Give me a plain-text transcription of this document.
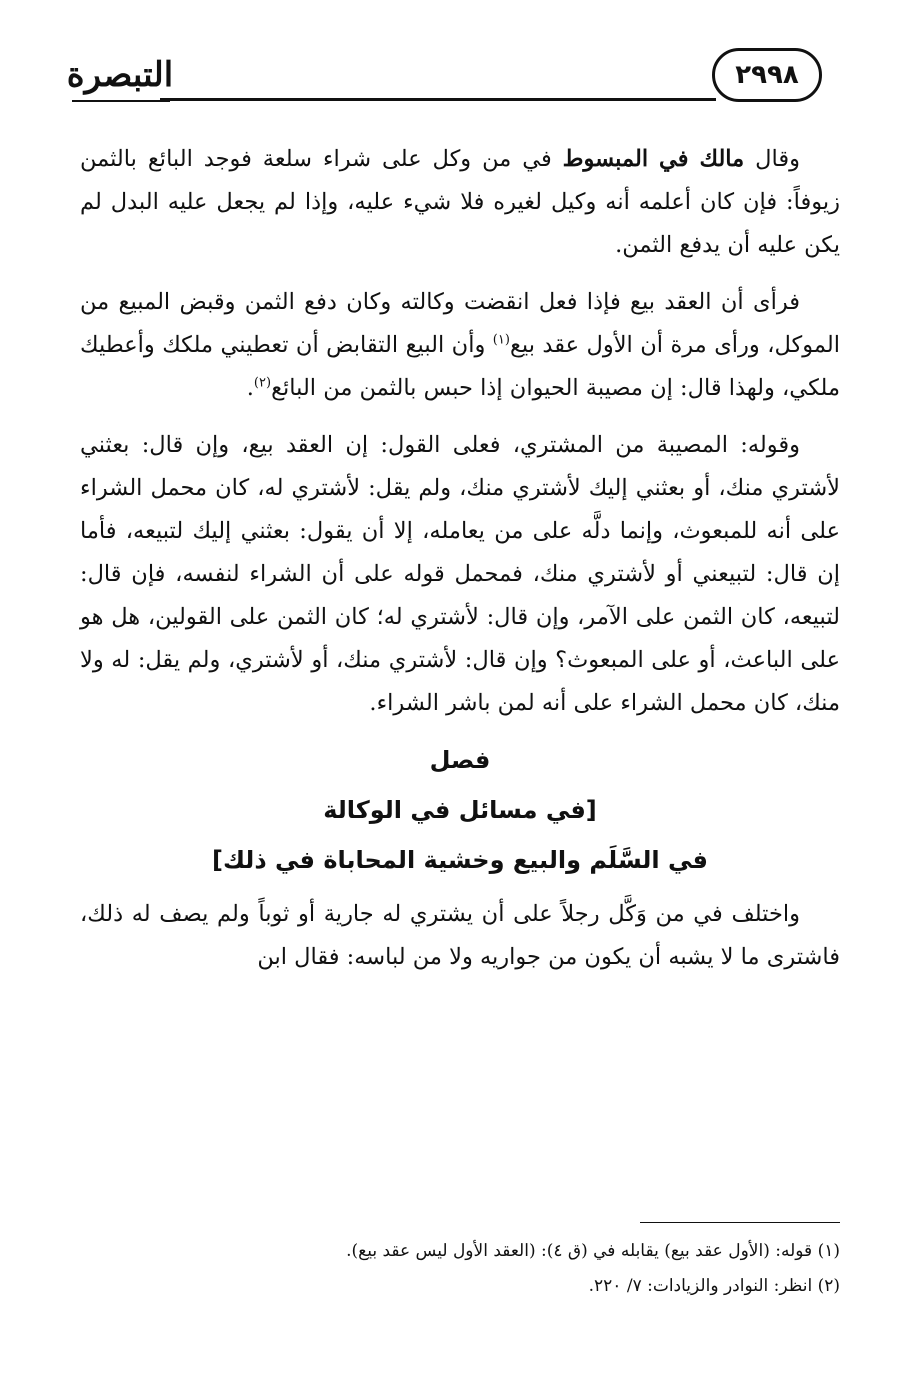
التبصرة	٢٩٩٨

وقال مالك في المبسوط في من وكل على شراء سلعة فوجد البائع بالثمن زيوفاً: فإن كان أعلمه أنه وكيل لغيره فلا شيء عليه، وإذا لم يجعل عليه البدل لم يكن عليه أن يدفع الثمن.

فرأى أن العقد بيع فإذا فعل انقضت وكالته وكان دفع الثمن وقبض المبيع من الموكل، ورأى مرة أن الأول عقد بيع$^{(١)}$ وأن البيع التقابض أن تعطيني ملكك وأعطيك ملكي، ولهذا قال: إن مصيبة الحيوان إذا حبس بالثمن من البائع$^{(٢)}$.

وقوله: المصيبة من المشتري، فعلى القول: إن العقد بيع، وإن قال: بعثني لأشتري منك، أو بعثني إليك لأشتري منك، ولم يقل: لأشتري له، كان محمل الشراء على أنه للمبعوث، وإنما دلَّه على من يعامله، إلا أن يقول: بعثني إليك لتبيعه، فأما إن قال: لتبيعني أو لأشتري منك، فمحمل قوله على أن الشراء لنفسه، فإن قال: لتبيعه، كان الثمن على الآمر، وإن قال: لأشتري له؛ كان الثمن على القولين، هل هو على الباعث، أو على المبعوث؟ وإن قال: لأشتري منك، أو لأشتري، ولم يقل: له ولا منك، كان محمل الشراء على أنه لمن باشر الشراء.

فصل
[في مسائل في الوكالة
في السَّلَم والبيع وخشية المحاباة في ذلك]

واختلف في من وَكَّل رجلاً على أن يشتري له جارية أو ثوباً ولم يصف له ذلك، فاشترى ما لا يشبه أن يكون من جواريه ولا من لباسه: فقال ابن

(١) قوله: (الأول عقد بيع) يقابله في (ق ٤): (العقد الأول ليس عقد بيع).

(٢) انظر: النوادر والزيادات: ٧/ ٢٢٠.
